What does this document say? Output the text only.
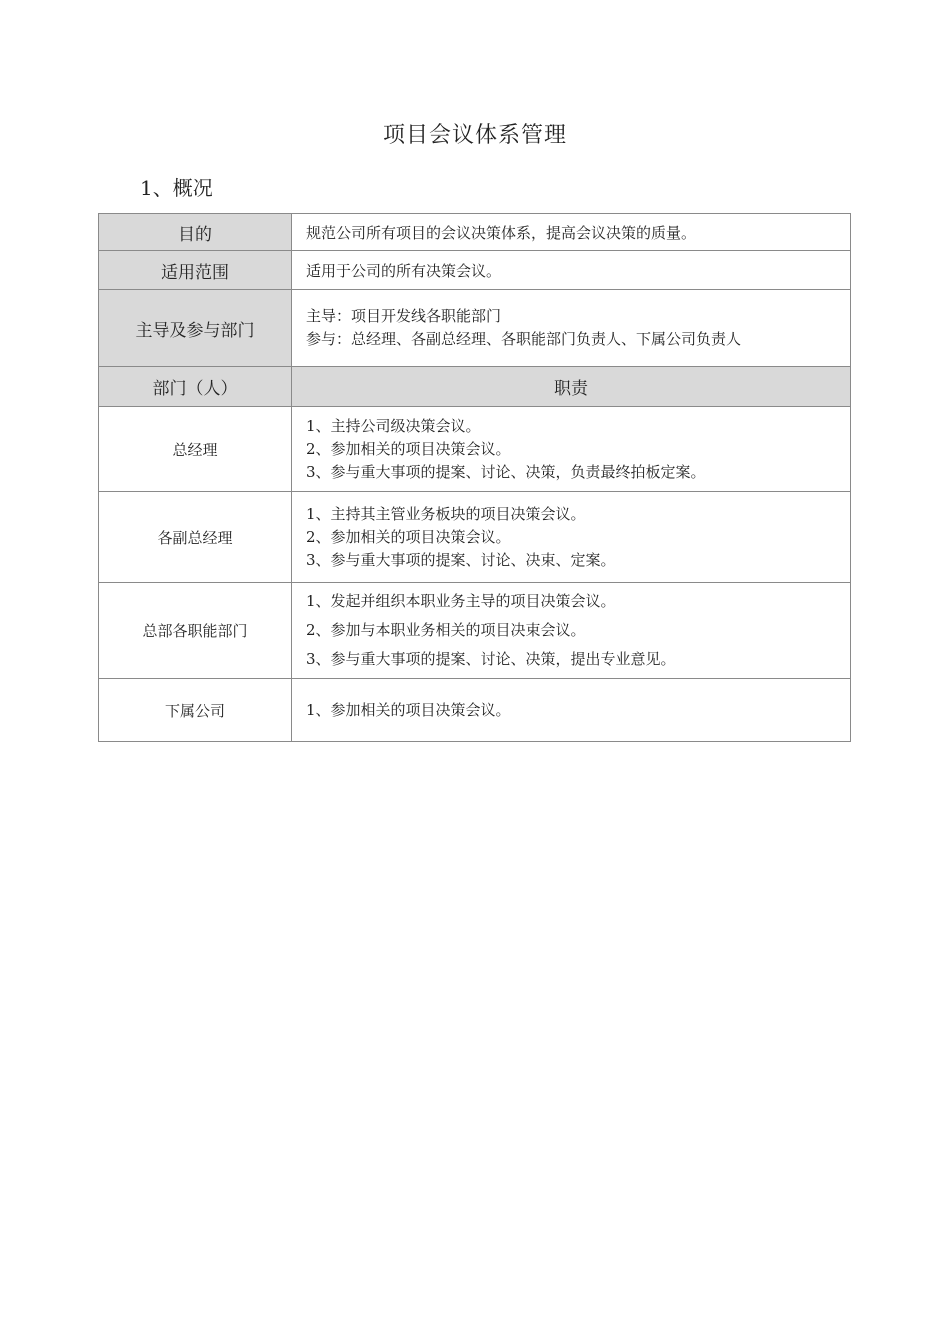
项目会议体系管理
1、概况
目的	规范公司所有项目的会议决策体系，提高会议决策的质量。
适用范围	适用于公司的所有决策会议。
主导及参与部门	主导：项目开发线各职能部门
参与：总经理、各副总经理、各职能部门负责人、下属公司负责人

部门（人）	职责
总经理	1、主持公司级决策会议。
2、参加相关的项目决策会议。
3、参与重大事项的提案、讨论、决策，负责最终拍板定案。

各副总经理	1、主持其主管业务板块的项目决策会议。
2、参加相关的项目决策会议。
3、参与重大事项的提案、讨论、决束、定案。

总部各职能部门	1、发起并组织本职业务主导的项目决策会议。
2、参加与本职业务相关的项目决束会议。
3、参与重大事项的提案、讨论、决策，提出专业意见。

下属公司	1、参加相关的项目决策会议。
